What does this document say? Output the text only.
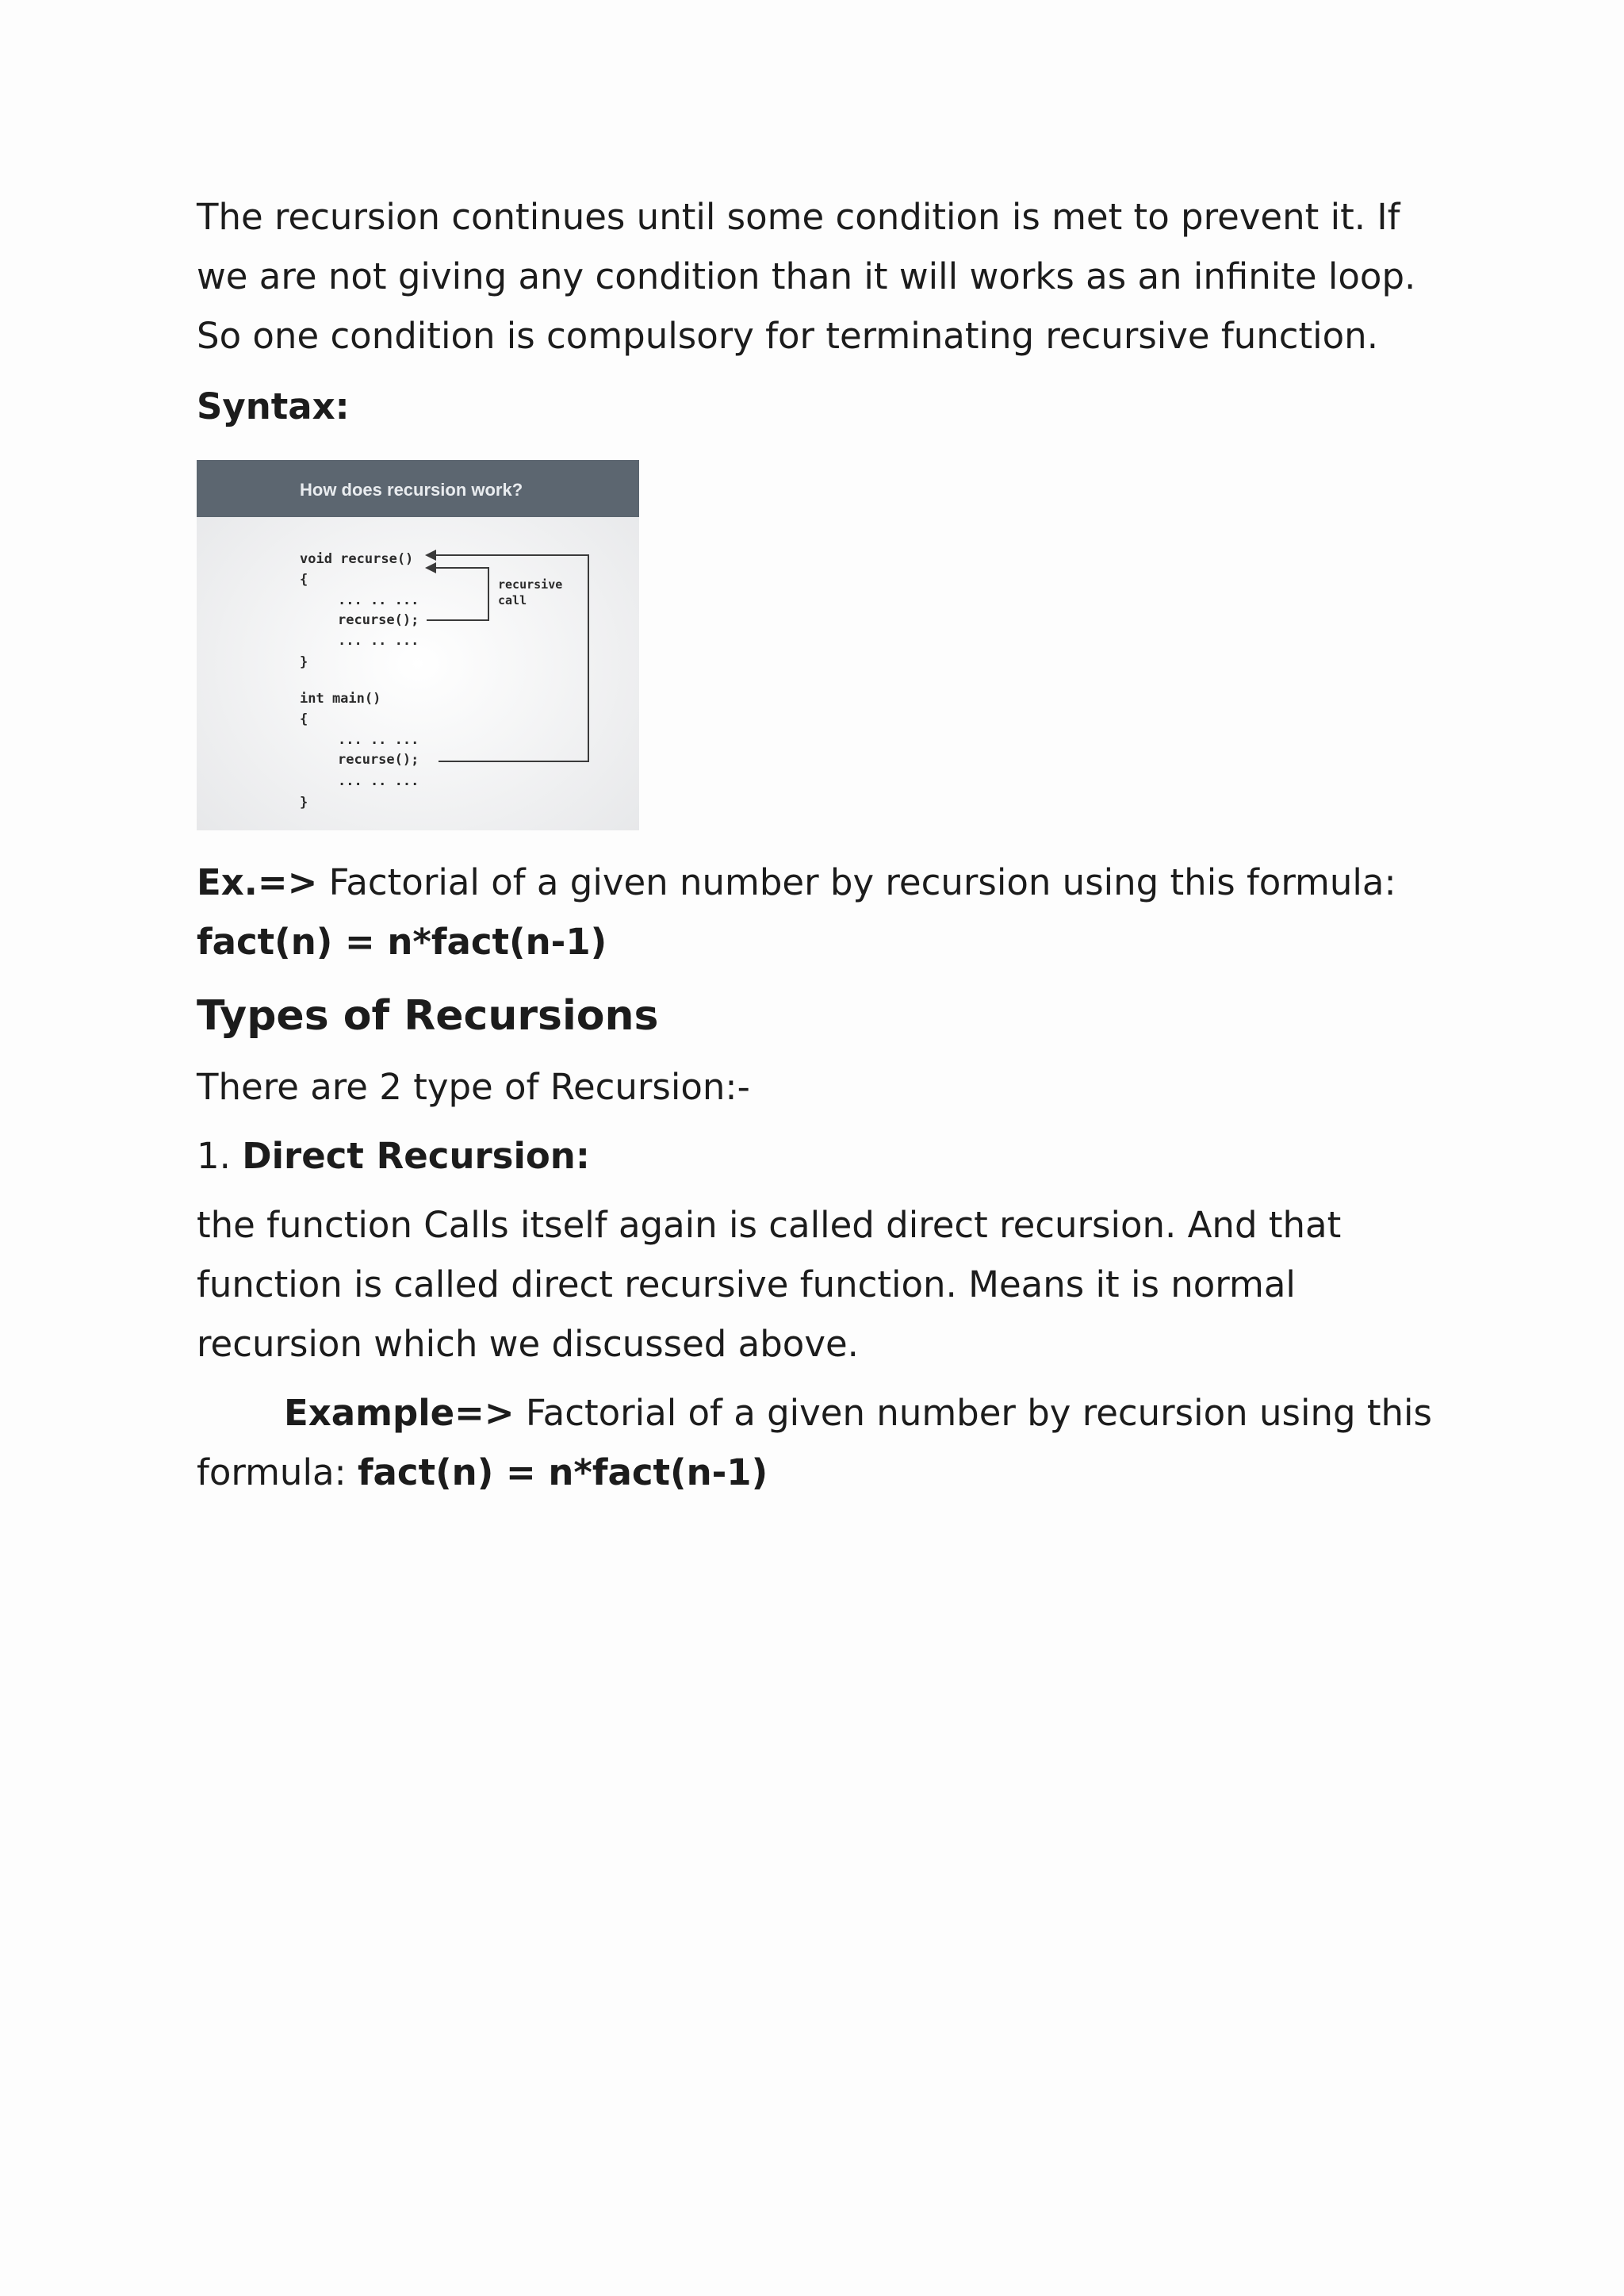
The recursion continues until some condition is met to prevent it. If we are not giving any condition than it will works as an infinite loop. So one condition is compulsory for terminating recursive function.

Syntax:

How does recursion work?
void recurse()
{
... .. ...
recurse();
... .. ...
}
int main()
{
... .. ...
recurse();
... .. ...
}
recursive
call

Ex.=> Factorial of a given number by recursion using this formula:

fact(n) = n*fact(n-1)

Types of Recursions

There are 2 type of Recursion:-

1. Direct Recursion:

the function Calls itself again is called direct recursion. And that function is called direct recursive function. Means it is normal recursion which we discussed above.

Example=> Factorial of a given number by recursion using this formula: fact(n) = n*fact(n-1)
